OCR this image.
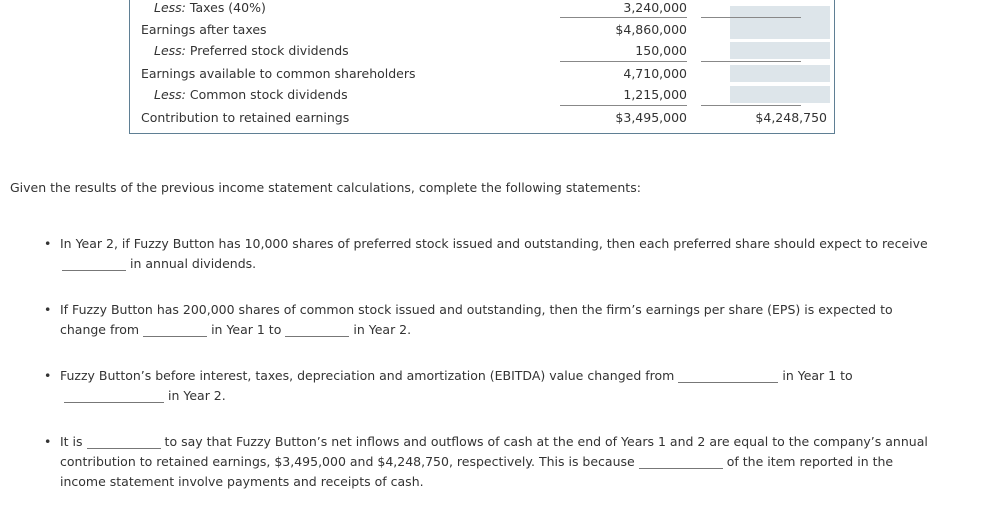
Less: Taxes (40%)	3,240,000
Earnings after taxes	$4,860,000
Less: Preferred stock dividends	150,000
Earnings available to common shareholders	4,710,000
Less: Common stock dividends	1,215,000
Contribution to retained earnings	$3,495,000	$4,248,750
Given the results of the previous income statement calculations, complete the following statements:
• In Year 2, if Fuzzy Button has 10,000 shares of preferred stock issued and outstanding, then each preferred share should expect to receive
in annual dividends.
• If Fuzzy Button has 200,000 shares of common stock issued and outstanding, then the firm’s earnings per share (EPS) is expected to change from	in Year 1 to	in Year 2.
• Fuzzy Button’s before interest, taxes, depreciation and amortization (EBITDA) value changed from	in Year 1 toin Year 2.
• It is	to say that Fuzzy Button’s net inflows and outflows of cash at the end of Years 1 and 2 are equal to the company’s annual contribution to retained earnings, $3,495,000 and $4,248,750, respectively. This is because	of the item reported in the income statement involve payments and receipts of cash.
